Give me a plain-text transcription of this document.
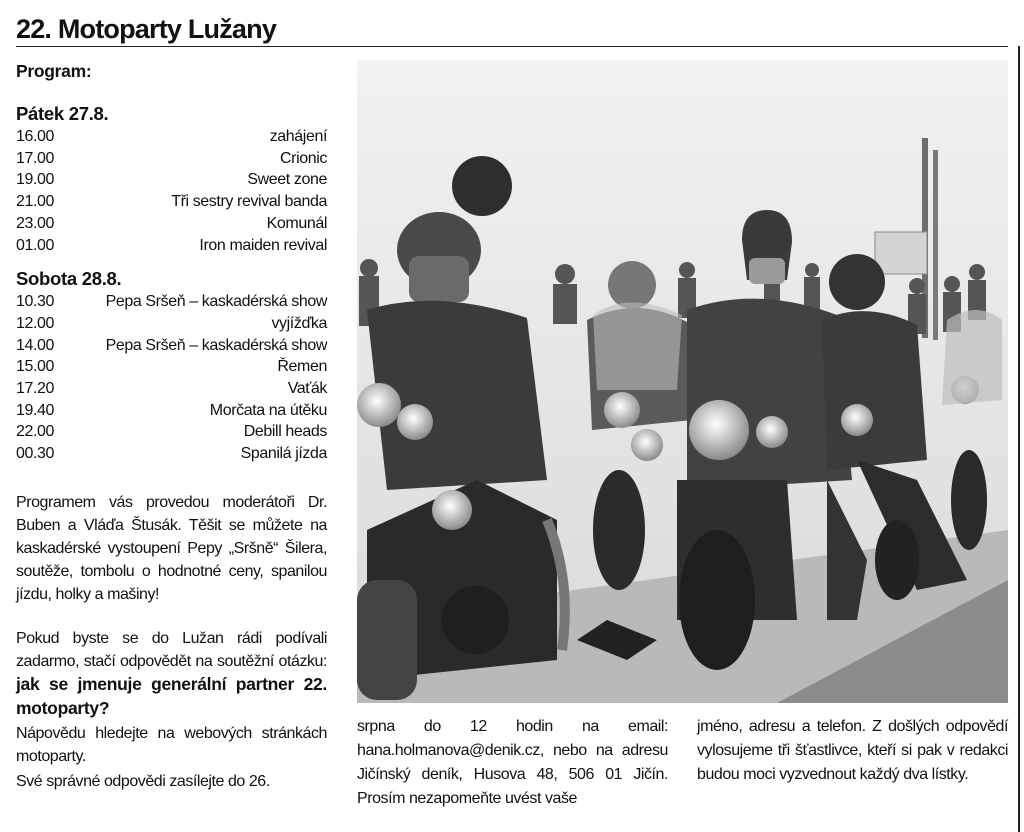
22. Motoparty Lužany
Program:
Pátek 27.8.
16.00	zahájení
17.00	Crionic
19.00	Sweet zone
21.00	Tři sestry revival banda
23.00	Komunál
01.00	Iron maiden revival
Sobota 28.8.
10.30	Pepa Sršeň – kaskadérská show
12.00	vyjížďka
14.00	Pepa Sršeň – kaskadérská show
15.00	Řemen
17.20	Vaťák
19.40	Morčata na útěku
22.00	Debill heads
00.30	Spanilá jízda

Programem vás provedou moderátoři Dr. Buben a Vláďa Štusák. Těšit se můžete na kaskadérské vystoupení Pepy „Sršně“ Šilera, soutěže, tombolu o hodnotné ceny, spanilou jízdu, holky a mašiny!

Pokud byste se do Lužan rádi podívali zadarmo, stačí odpovědět na soutěžní otázku: jak se jmenuje generální partner 22. motoparty?

Nápovědu hledejte na webových stránkách motoparty.

Své správné odpovědi zasílejte do 26.

srpna do 12 hodin na email: hana.holmanova@denik.cz, nebo na adresu Jičínský deník, Husova 48, 506 01 Jičín. Prosím nezapomeňte uvést vaše

jméno, adresu a telefon. Z došlých odpovědí vylosujeme tři šťastlivce, kteří si pak v redakci budou moci vyzvednout každý dva lístky.
